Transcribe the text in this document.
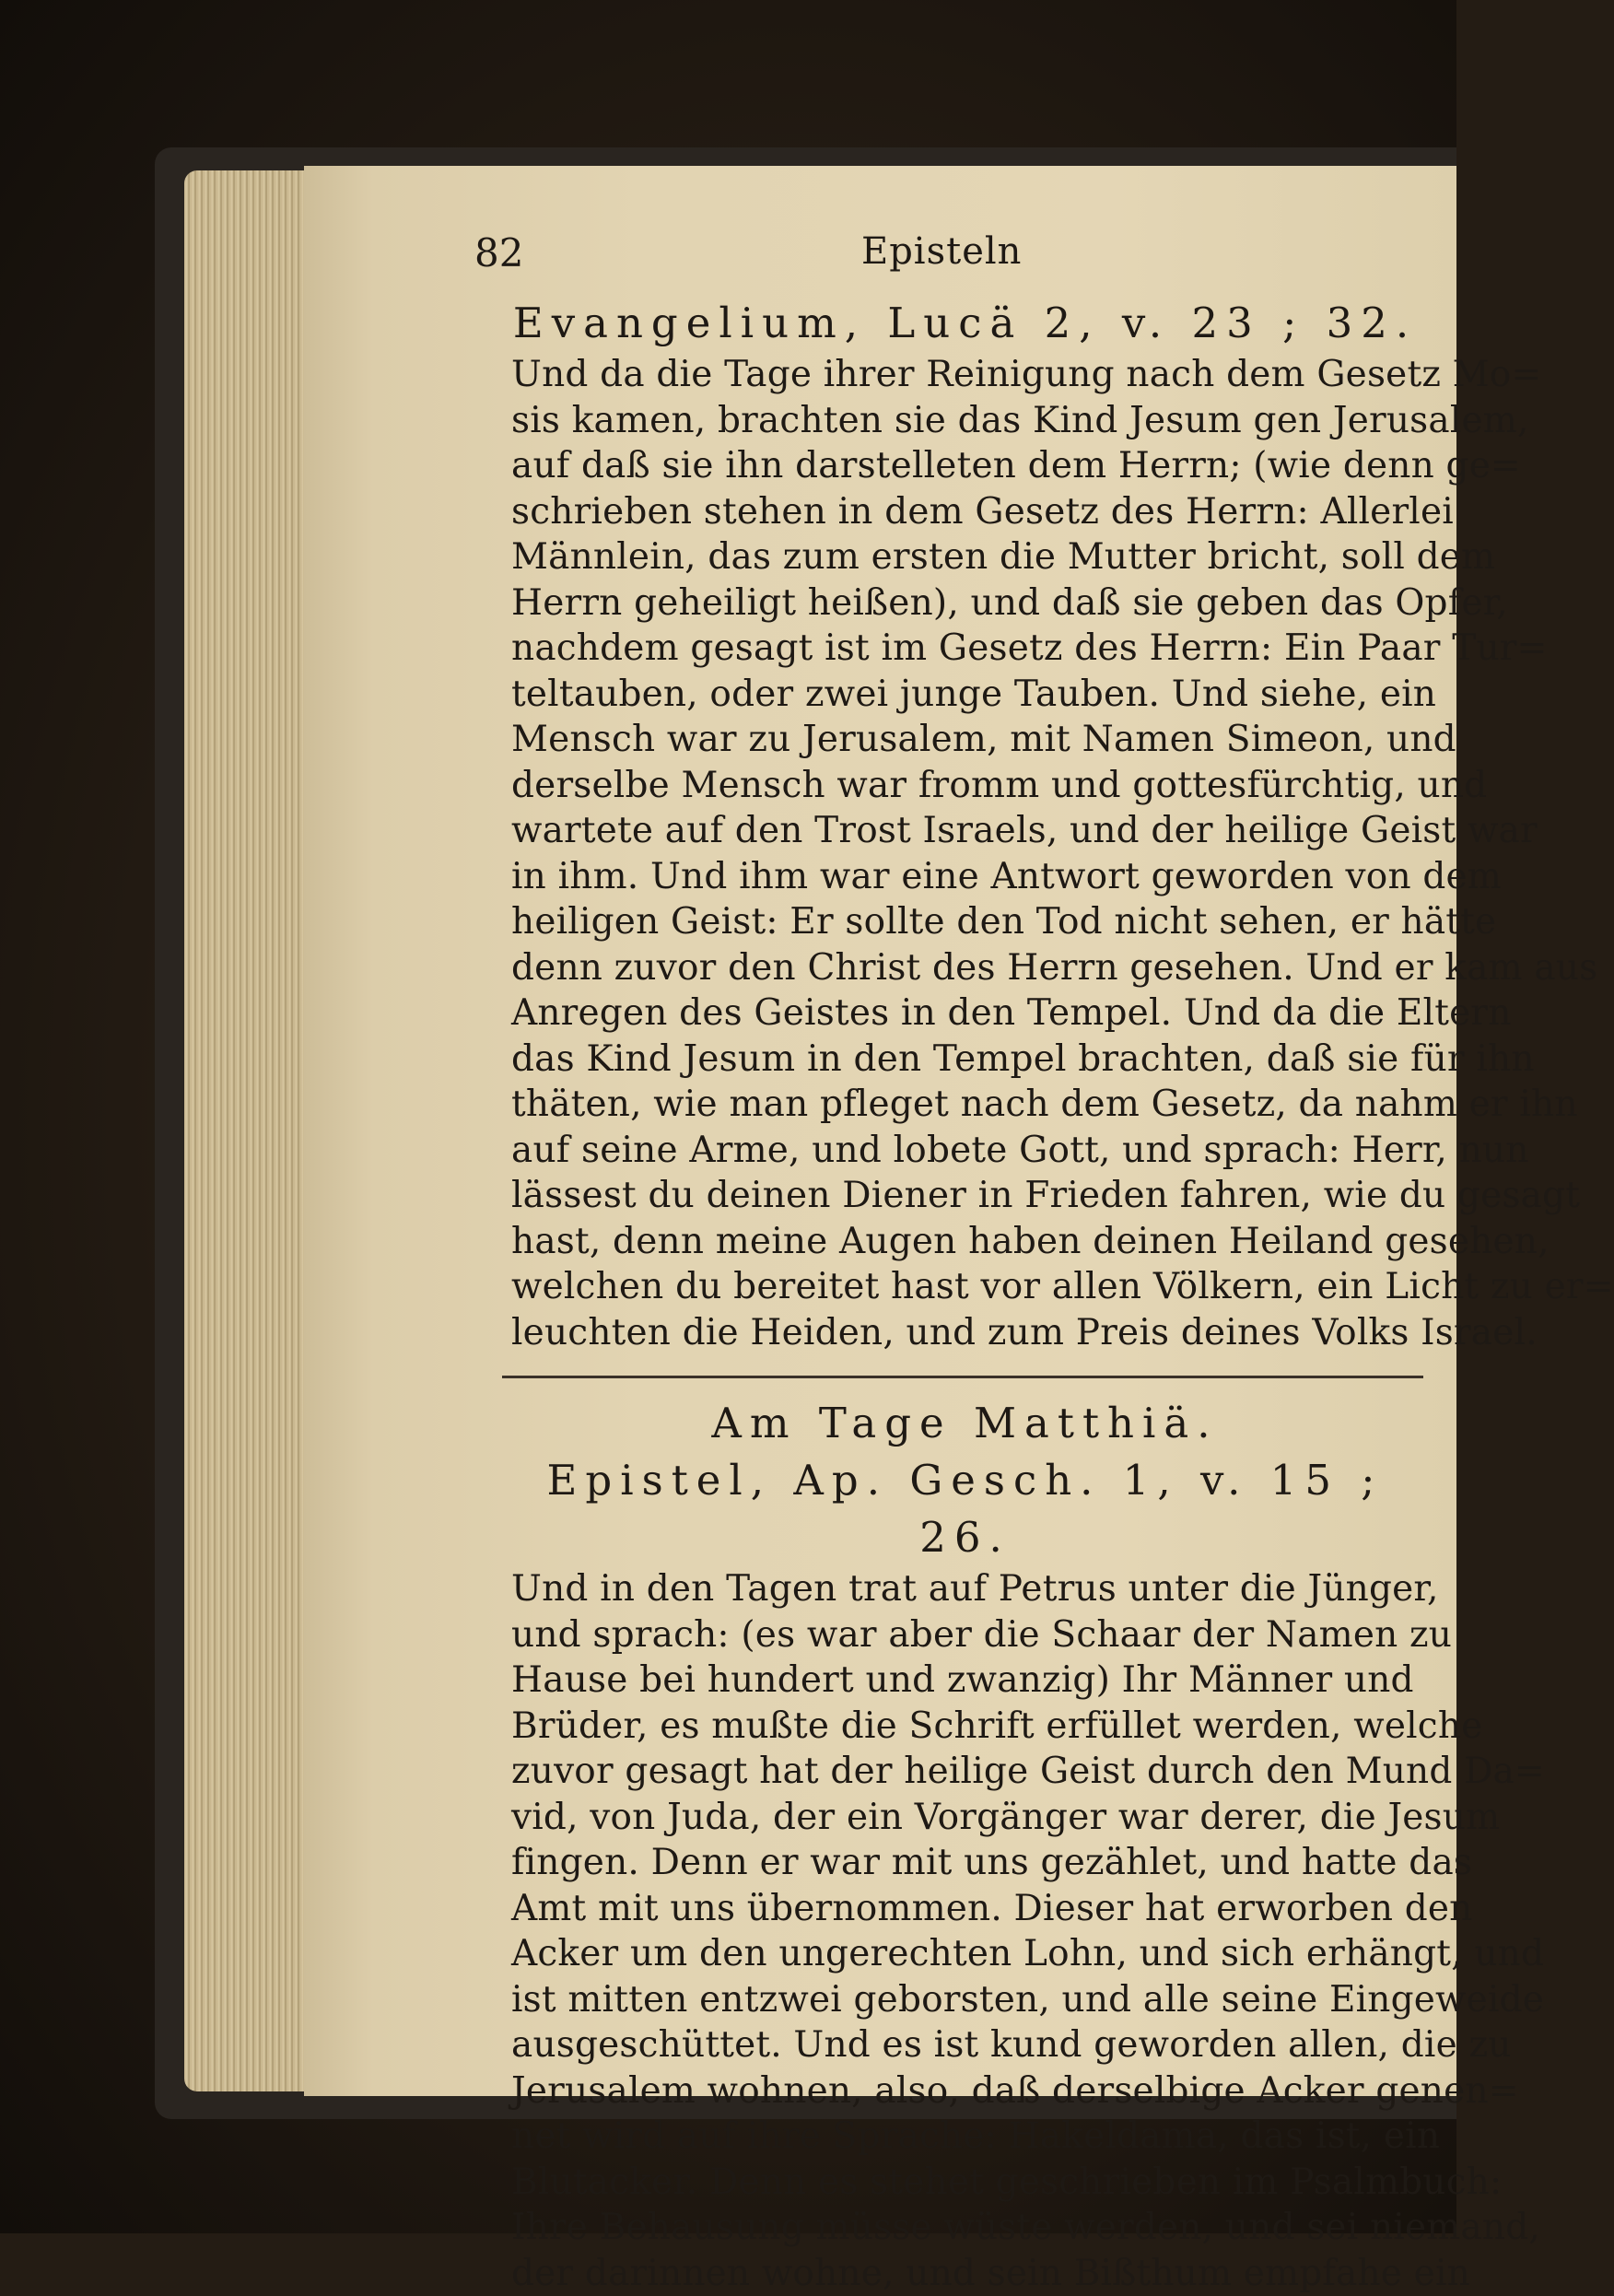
82	Episteln
Evangelium, Lucä 2, v. 23 ; 32.
Und da die Tage ihrer Reinigung nach dem Gesetz Mo=
sis kamen, brachten sie das Kind Jesum gen Jerusalem,
auf daß sie ihn darstelleten dem Herrn; (wie denn ge=
schrieben stehen in dem Gesetz des Herrn: Allerlei
Männlein, das zum ersten die Mutter bricht, soll dem
Herrn geheiligt heißen), und daß sie geben das Opfer,
nachdem gesagt ist im Gesetz des Herrn: Ein Paar Tur=
teltauben, oder zwei junge Tauben. Und siehe, ein
Mensch war zu Jerusalem, mit Namen Simeon, und
derselbe Mensch war fromm und gottesfürchtig, und
wartete auf den Trost Israels, und der heilige Geist war
in ihm. Und ihm war eine Antwort geworden von dem
heiligen Geist: Er sollte den Tod nicht sehen, er hätte
denn zuvor den Christ des Herrn gesehen. Und er kam aus
Anregen des Geistes in den Tempel. Und da die Eltern
das Kind Jesum in den Tempel brachten, daß sie für ihn
thäten, wie man pfleget nach dem Gesetz, da nahm er ihn
auf seine Arme, und lobete Gott, und sprach: Herr, nun
lässest du deinen Diener in Frieden fahren, wie du gesagt
hast, denn meine Augen haben deinen Heiland gesehen,
welchen du bereitet hast vor allen Völkern, ein Licht zu er=
leuchten die Heiden, und zum Preis deines Volks Israel.
Am Tage Matthiä.
Epistel, Ap. Gesch. 1, v. 15 ; 26.
Und in den Tagen trat auf Petrus unter die Jünger,
und sprach: (es war aber die Schaar der Namen zu
Hause bei hundert und zwanzig) Ihr Männer und
Brüder, es mußte die Schrift erfüllet werden, welche
zuvor gesagt hat der heilige Geist durch den Mund Da=
vid, von Juda, der ein Vorgänger war derer, die Jesum
fingen. Denn er war mit uns gezählet, und hatte das
Amt mit uns übernommen. Dieser hat erworben den
Acker um den ungerechten Lohn, und sich erhängt, und
ist mitten entzwei geborsten, und alle seine Eingeweide
ausgeschüttet. Und es ist kund geworden allen, die zu
Jerusalem wohnen, also, daß derselbige Acker genen=
net wird auf ihre Sprache: Hakeldama, das ist, ein
Blutacker. Denn es stehet geschrieben im Psalmbuch:
Ihre Behausung müsse wüste werden, und sei niemand,
der darinnen wohne, und sein Bißthum empfahe ein
